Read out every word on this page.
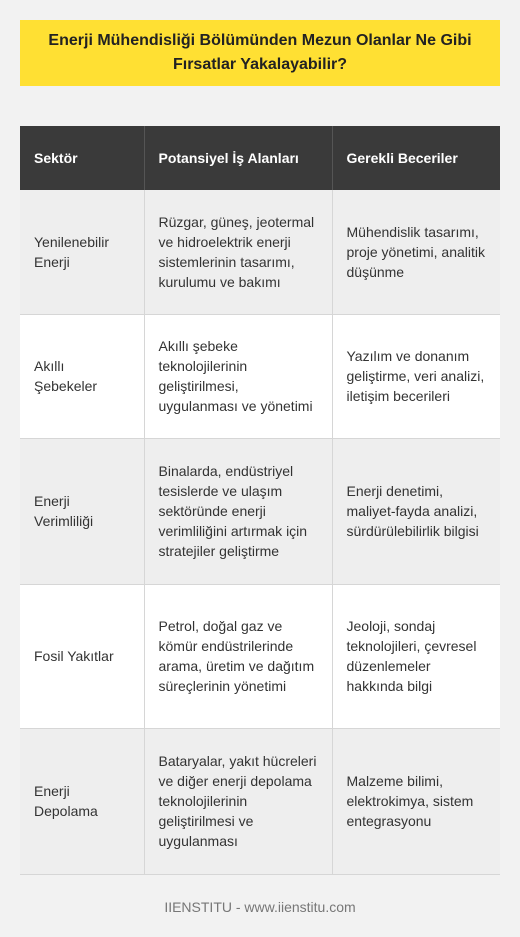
Enerji Mühendisliği Bölümünden Mezun Olanlar Ne Gibi Fırsatlar Yakalayabilir?
Sektör	Potansiyel İş Alanları	Gerekli Beceriler
Yenilenebilir Enerji	Rüzgar, güneş, jeotermal ve hidroelektrik enerji sistemlerinin tasarımı, kurulumu ve bakımı	Mühendislik tasarımı, proje yönetimi, analitik düşünme
Akıllı Şebekeler	Akıllı şebeke teknolojilerinin geliştirilmesi, uygulanması ve yönetimi	Yazılım ve donanım geliştirme, veri analizi, iletişim becerileri
Enerji Verimliliği	Binalarda, endüstriyel tesislerde ve ulaşım sektöründe enerji verimliliğini artırmak için stratejiler geliştirme	Enerji denetimi, maliyet-fayda analizi, sürdürülebilirlik bilgisi
Fosil Yakıtlar	Petrol, doğal gaz ve kömür endüstrilerinde arama, üretim ve dağıtım süreçlerinin yönetimi	Jeoloji, sondaj teknolojileri, çevresel düzenlemeler hakkında bilgi
Enerji Depolama	Bataryalar, yakıt hücreleri ve diğer enerji depolama teknolojilerinin geliştirilmesi ve uygulanması	Malzeme bilimi, elektrokimya, sistem entegrasyonu
IIENSTITU - www.iienstitu.com
